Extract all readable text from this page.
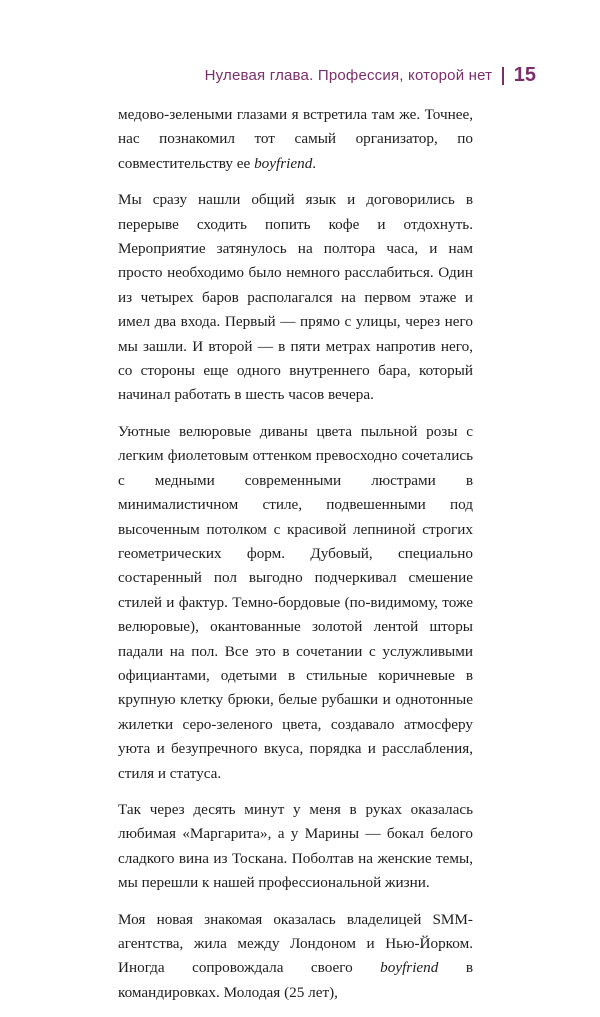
Нулевая глава. Профессия, которой нет 15

медово-зелеными глазами я встретила там же. Точнее, нас познакомил тот самый организатор, по совместительству ее boyfriend.

Мы сразу нашли общий язык и договорились в перерыве сходить попить кофе и отдохнуть. Мероприятие затянулось на полтора часа, и нам просто необходимо было немного расслабиться. Один из четырех баров располагался на первом этаже и имел два входа. Первый — прямо с улицы, через него мы зашли. И второй — в пяти метрах напротив него, со стороны еще одного внутреннего бара, который начинал работать в шесть часов вечера.

Уютные велюровые диваны цвета пыльной розы с легким фиолетовым оттенком превосходно сочетались с медными современными люстрами в минималистичном стиле, подвешенными под высоченным потолком с красивой лепниной строгих геометрических форм. Дубовый, специально состаренный пол выгодно подчеркивал смешение стилей и фактур. Темно-бордовые (по-видимому, тоже велюровые), окантованные золотой лентой шторы падали на пол. Все это в сочетании с услужливыми официантами, одетыми в стильные коричневые в крупную клетку брюки, белые рубашки и однотонные жилетки серо-зеленого цвета, создавало атмосферу уюта и безупречного вкуса, порядка и расслабления, стиля и статуса.

Так через десять минут у меня в руках оказалась любимая «Маргарита», а у Марины — бокал белого сладкого вина из Тоскана. Поболтав на женские темы, мы перешли к нашей профессиональной жизни.

Моя новая знакомая оказалась владелицей SMM-агентства, жила между Лондоном и Нью-Йорком. Иногда сопровождала своего boyfriend в командировках. Молодая (25 лет),
